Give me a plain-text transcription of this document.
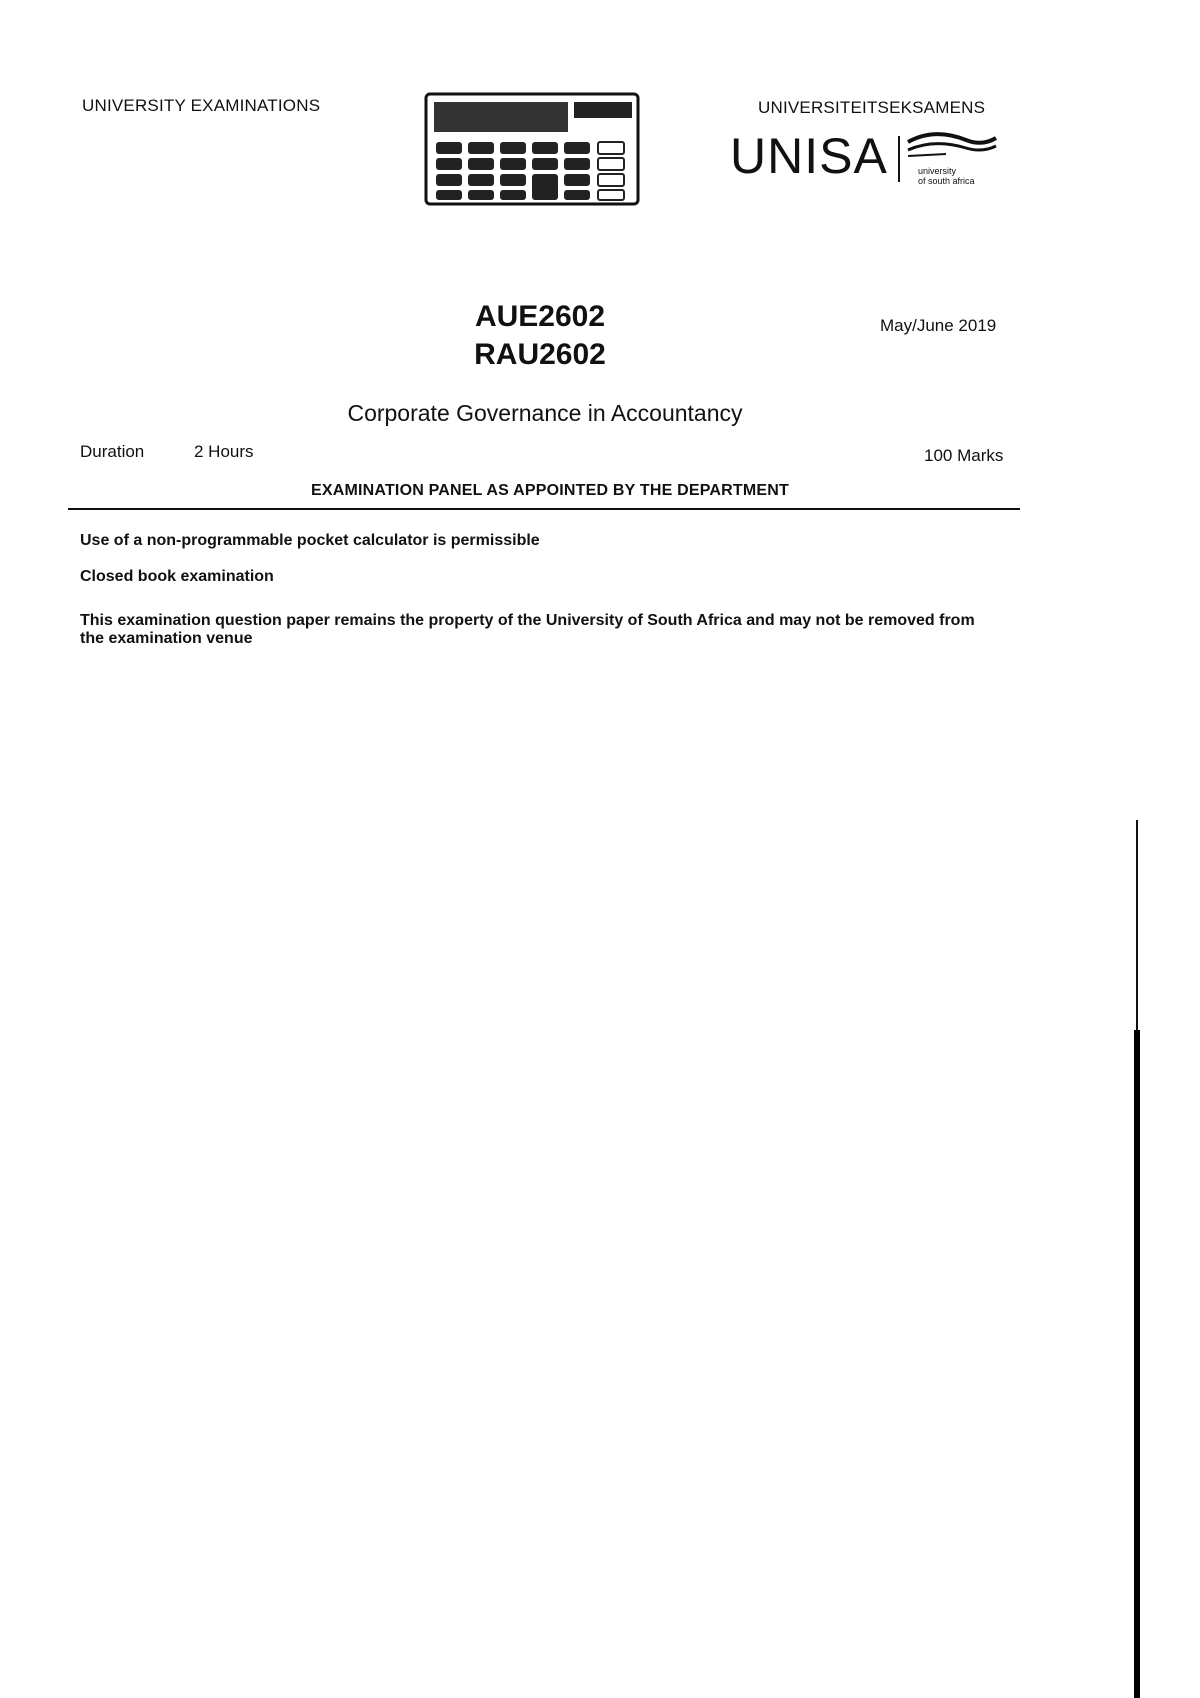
UNIVERSITY EXAMINATIONS	UNIVERSITEITSEKSAMENS
UNISA	university
of south africa
AUE2602
RAU2602
May/June 2019
Corporate Governance in Accountancy
Duration	2 Hours	100 Marks
EXAMINATION PANEL AS APPOINTED BY THE DEPARTMENT
Use of a non-programmable pocket calculator is permissible
Closed book examination
This examination question paper remains the property of the University of South Africa and may not be removed from the examination venue
